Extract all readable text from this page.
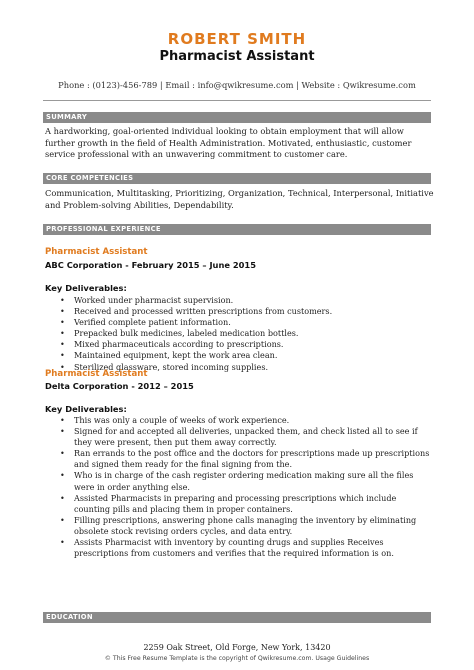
ROBERT SMITH
Pharmacist Assistant
Phone : (0123)-456-789 | Email : info@qwikresume.com | Website : Qwikresume.com
SUMMARY
A hardworking, goal-oriented individual looking to obtain employment that will allow further growth in the field of Health Administration. Motivated, enthusiastic, customer service professional with an unwavering commitment to customer care.
CORE COMPETENCIES
Communication, Multitasking, Prioritizing, Organization, Technical, Interpersonal, Initiative and Problem-solving Abilities, Dependability.
PROFESSIONAL EXPERIENCE
Pharmacist Assistant
ABC Corporation - February 2015 – June 2015
Key Deliverables:
• Worked under pharmacist supervision.
• Received and processed written prescriptions from customers.
• Verified complete patient information.
• Prepacked bulk medicines, labeled medication bottles.
• Mixed pharmaceuticals according to prescriptions.
• Maintained equipment, kept the work area clean.
• Sterilized glassware, stored incoming supplies.
Pharmacist Assistant
Delta Corporation - 2012 – 2015
Key Deliverables:
• This was only a couple of weeks of work experience.
• Signed for and accepted all deliveries, unpacked them, and check listed all to see if they were present, then put them away correctly.
• Ran errands to the post office and the doctors for prescriptions made up prescriptions and signed them ready for the final signing from the.
• Who is in charge of the cash register ordering medication making sure all the files were in order anything else.
• Assisted Pharmacists in preparing and processing prescriptions which include counting pills and placing them in proper containers.
• Filling prescriptions, answering phone calls managing the inventory by eliminating obsolete stock revising orders cycles, and data entry.
• Assists Pharmacist with inventory by counting drugs and supplies Receives prescriptions from customers and verifies that the required information is on.
EDUCATION
2259 Oak Street, Old Forge, New York, 13420
© This Free Resume Template is the copyright of Qwikresume.com. Usage Guidelines
